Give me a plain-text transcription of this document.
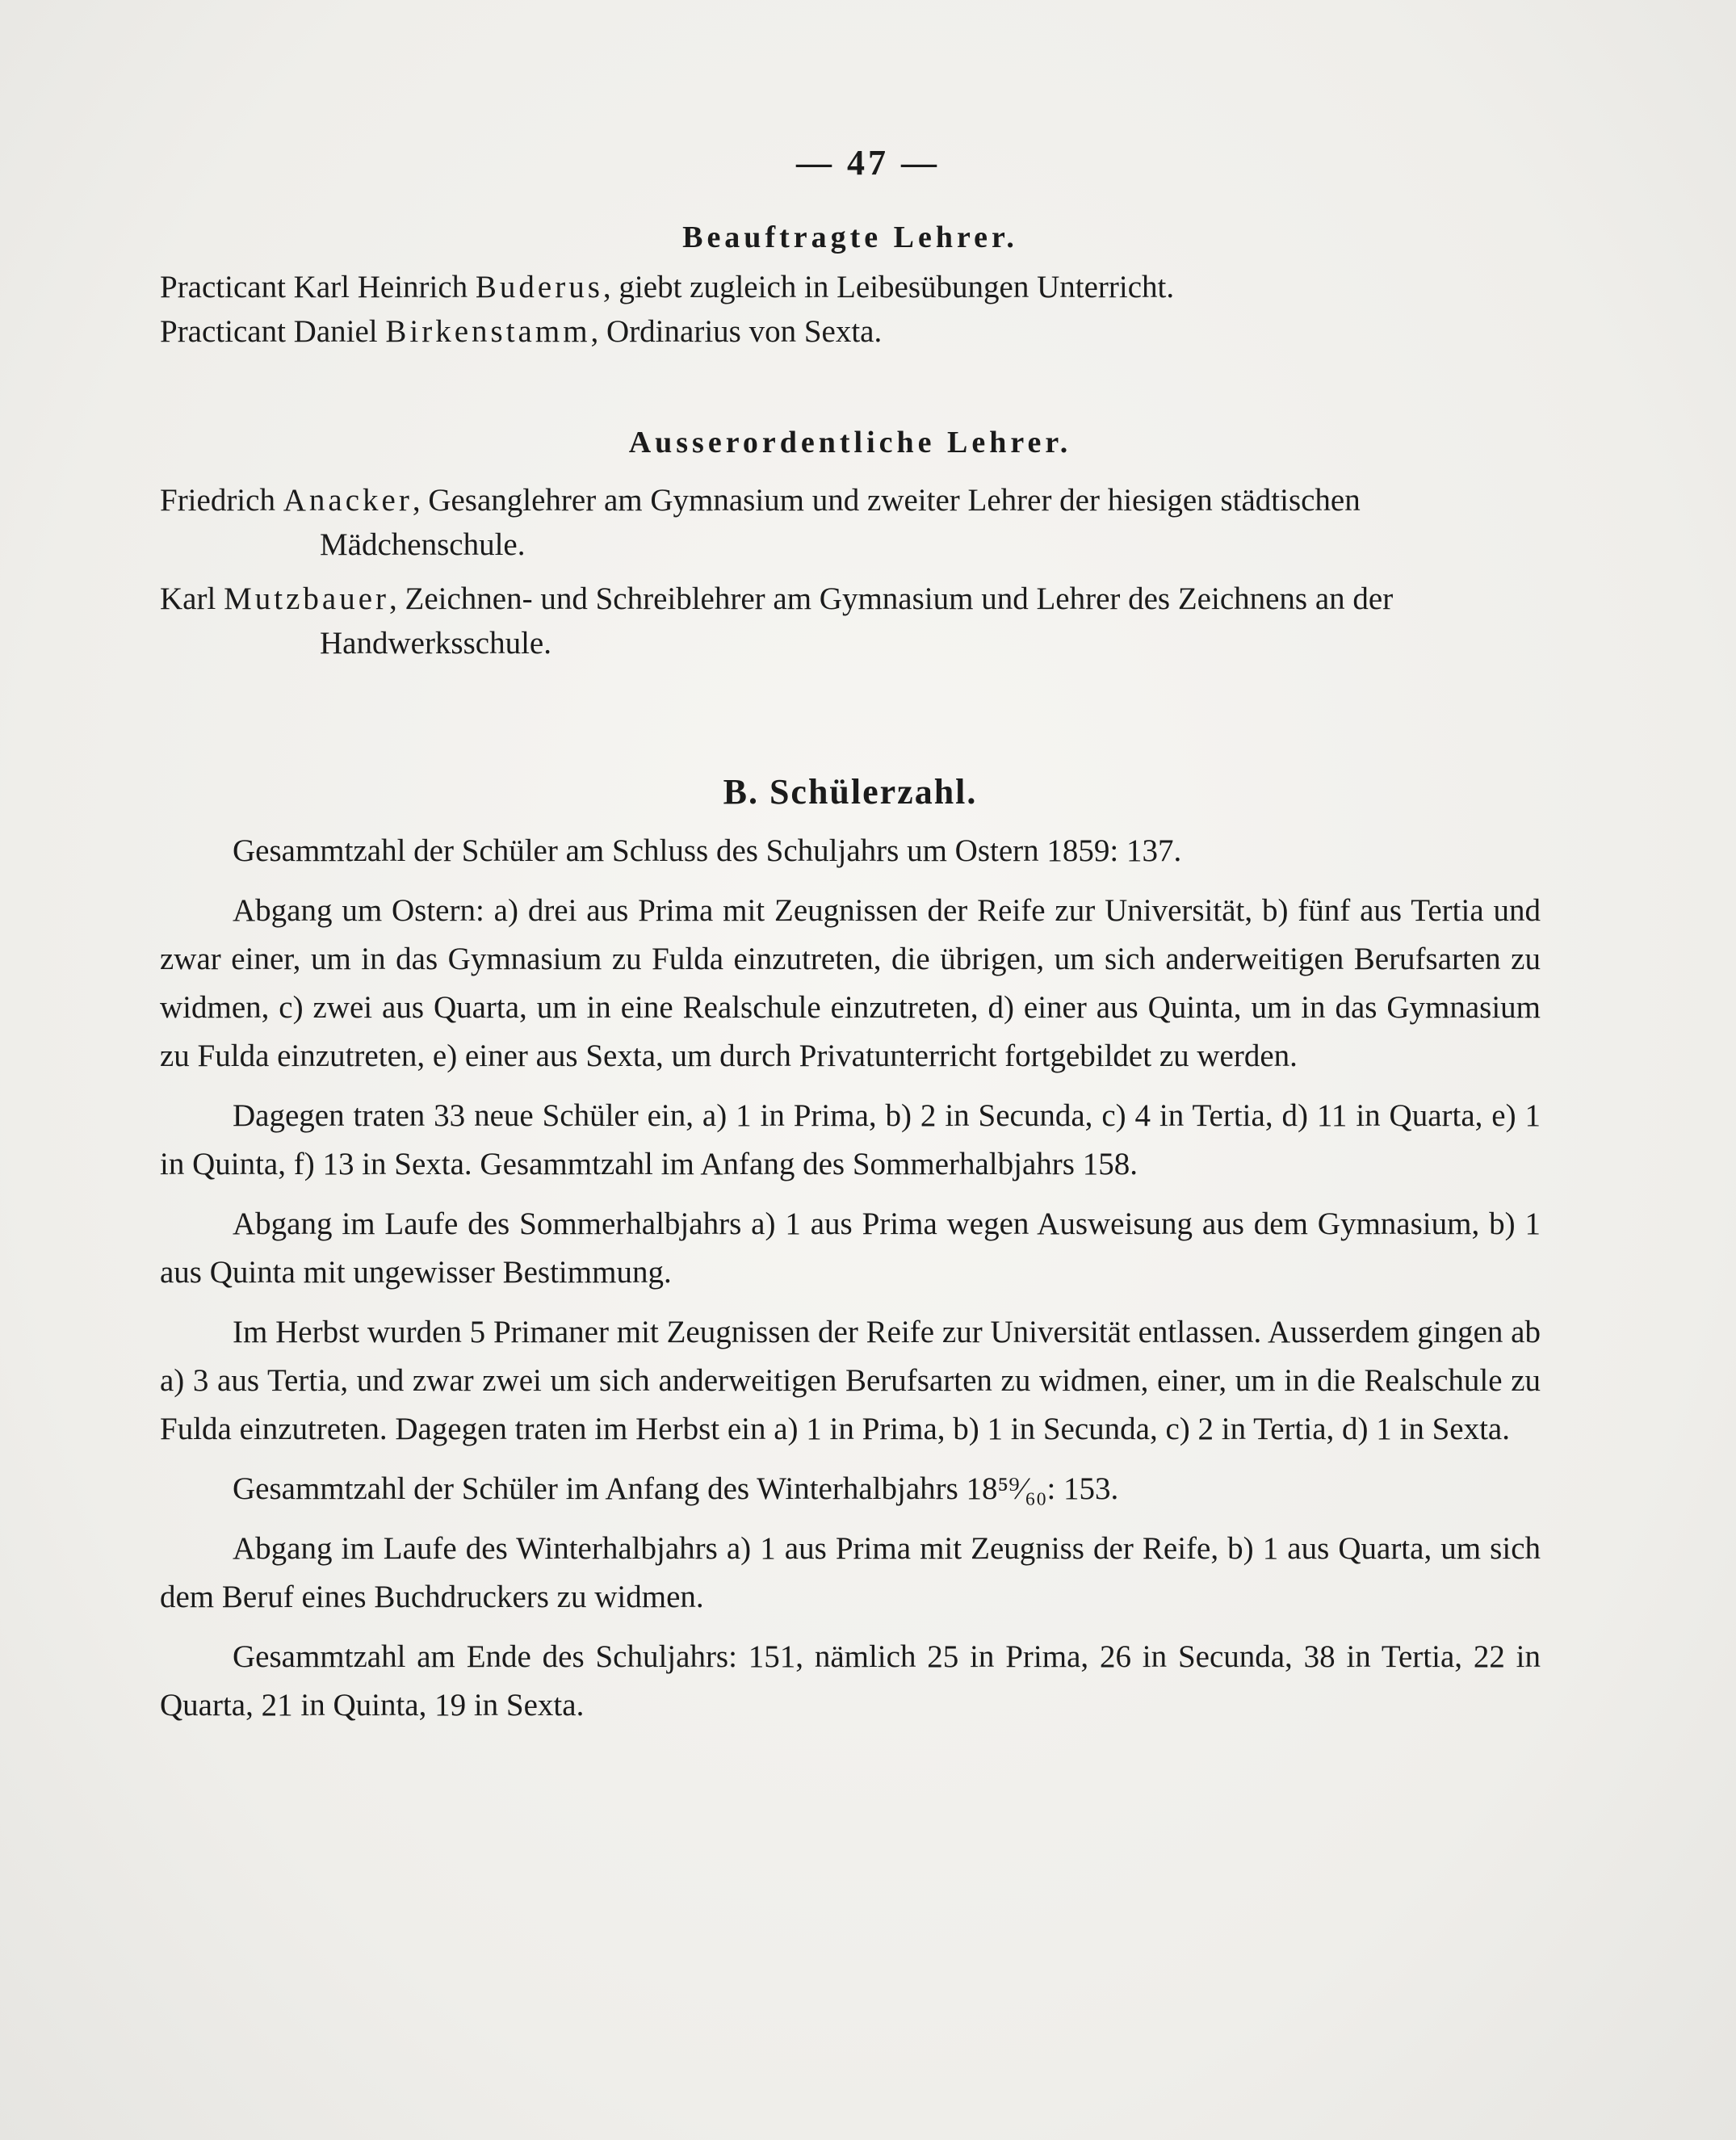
— 47 —
Beauftragte Lehrer.
Practicant Karl Heinrich Buderus, giebt zugleich in Leibesübungen Unterricht.
Practicant Daniel Birkenstamm, Ordinarius von Sexta.
Ausserordentliche Lehrer.
Friedrich Anacker, Gesanglehrer am Gymnasium und zweiter Lehrer der hiesigen städtischen Mädchenschule.
Karl Mutzbauer, Zeichnen- und Schreiblehrer am Gymnasium und Lehrer des Zeichnens an der Handwerksschule.
B. Schülerzahl.

Gesammtzahl der Schüler am Schluss des Schuljahrs um Ostern 1859: 137.

Abgang um Ostern: a) drei aus Prima mit Zeugnissen der Reife zur Universität, b) fünf aus Tertia und zwar einer, um in das Gymnasium zu Fulda einzutreten, die übrigen, um sich anderweitigen Berufsarten zu widmen, c) zwei aus Quarta, um in eine Realschule einzutreten, d) einer aus Quinta, um in das Gymnasium zu Fulda einzutreten, e) einer aus Sexta, um durch Privatunterricht fortgebildet zu werden.

Dagegen traten 33 neue Schüler ein, a) 1 in Prima, b) 2 in Secunda, c) 4 in Tertia, d) 11 in Quarta, e) 1 in Quinta, f) 13 in Sexta. Gesammtzahl im Anfang des Sommerhalbjahrs 158.

Abgang im Laufe des Sommerhalbjahrs a) 1 aus Prima wegen Ausweisung aus dem Gymnasium, b) 1 aus Quinta mit ungewisser Bestimmung.

Im Herbst wurden 5 Primaner mit Zeugnissen der Reife zur Universität entlassen. Ausserdem gingen ab a) 3 aus Tertia, und zwar zwei um sich anderweitigen Berufsarten zu widmen, einer, um in die Realschule zu Fulda einzutreten. Dagegen traten im Herbst ein a) 1 in Prima, b) 1 in Secunda, c) 2 in Tertia, d) 1 in Sexta.

Gesammtzahl der Schüler im Anfang des Winterhalbjahrs 18⁵⁹⁄₆₀: 153.

Abgang im Laufe des Winterhalbjahrs a) 1 aus Prima mit Zeugniss der Reife, b) 1 aus Quarta, um sich dem Beruf eines Buchdruckers zu widmen.

Gesammtzahl am Ende des Schuljahrs: 151, nämlich 25 in Prima, 26 in Secunda, 38 in Tertia, 22 in Quarta, 21 in Quinta, 19 in Sexta.
